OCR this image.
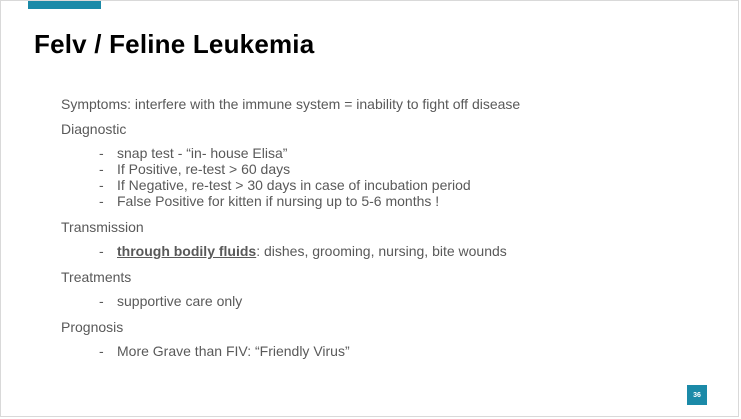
Felv / Feline Leukemia

Symptoms: interfere with the immune system = inability to fight off disease

Diagnostic

- snap test - “in- house Elisa”
- If Positive, re-test > 60 days
- If Negative, re-test > 30 days in case of incubation period
- False Positive for kitten if nursing up to 5-6 months !

Transmission

- through bodily fluids: dishes, grooming, nursing, bite wounds

Treatments

- supportive care only

Prognosis

- More Grave than FIV: “Friendly Virus”
36
